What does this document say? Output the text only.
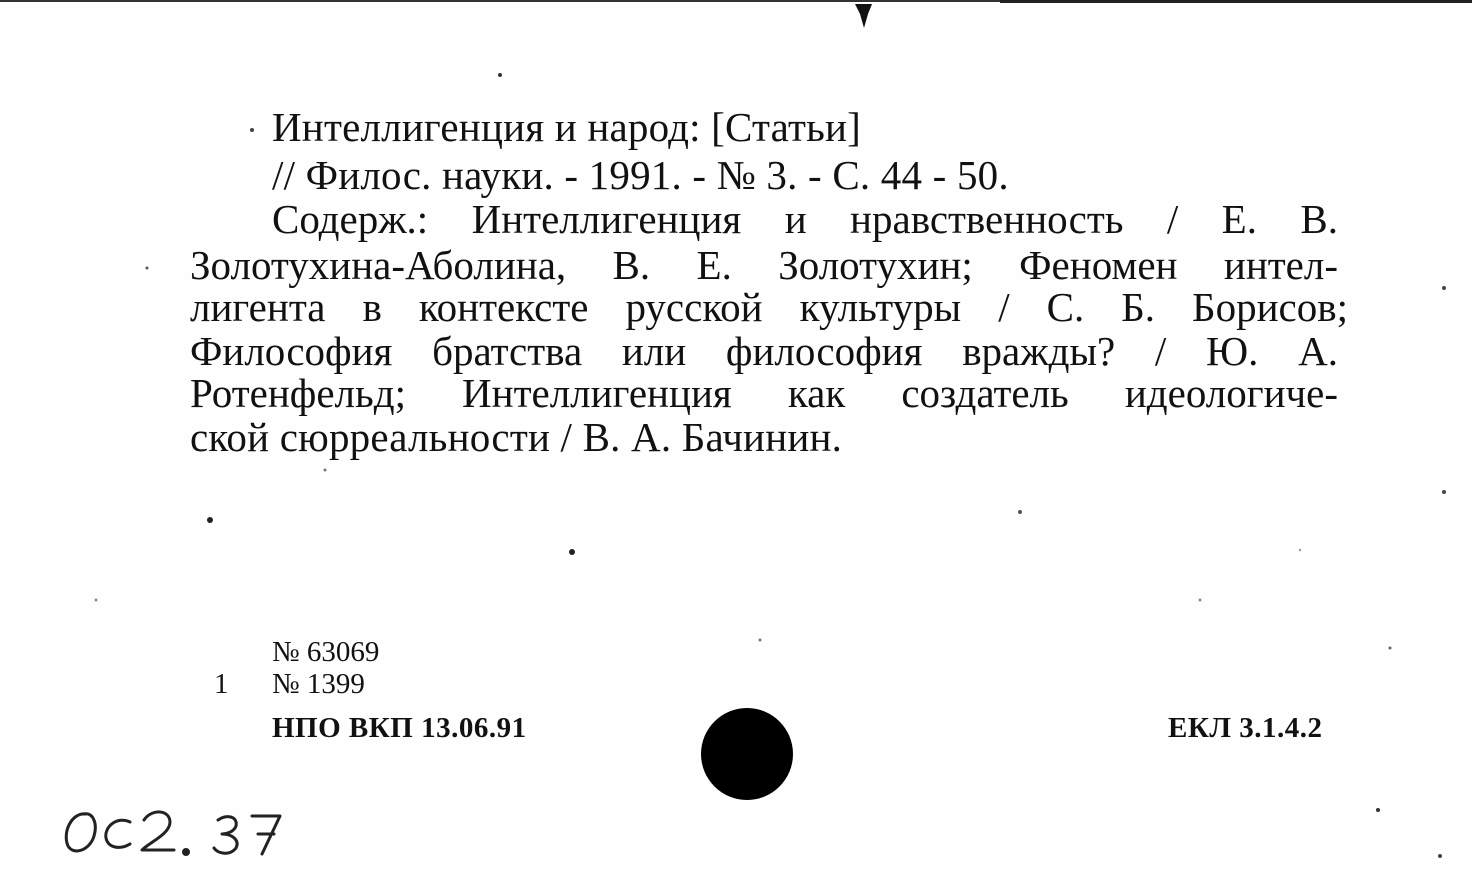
Интеллигенция и народ: [Статьи]
// Филос. науки. - 1991. - № 3. - С. 44 - 50.
Содерж.: Интеллигенция и нравственность / Е. В.
Золотухина-Аболина, В. Е. Золотухин; Феномен интел-
лигента в контексте русской культуры / С. Б. Борисов;
Философия братства или философия вражды? / Ю. А.
Ротенфельд; Интеллигенция как создатель идеологиче-
ской сюрреальности / В. А. Бачинин.
№ 63069
1 № 1399
НПО ВКП 13.06.91	ЕКЛ 3.1.4.2
